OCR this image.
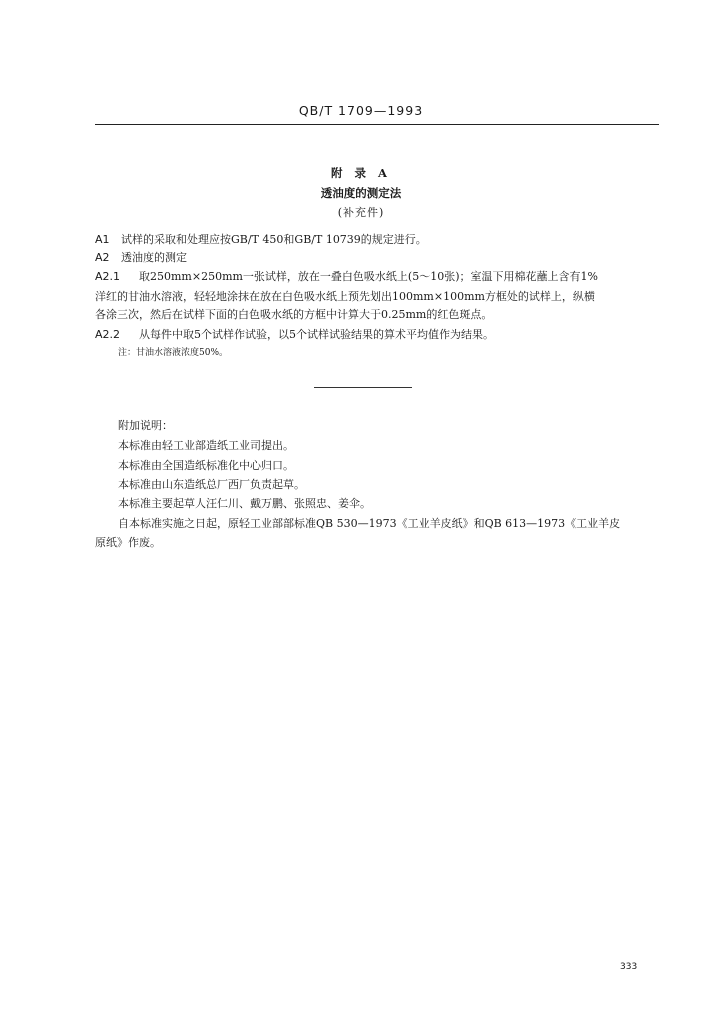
QB/T 1709—1993
附 录 A
透油度的测定法
(补充件)
A1 试样的采取和处理应按GB/T 450和GB/T 10739的规定进行。
A2 透油度的测定
A2.1 取250mm×250mm一张试样，放在一叠白色吸水纸上(5～10张)；室温下用棉花蘸上含有1%
洋红的甘油水溶液，轻轻地涂抹在放在白色吸水纸上预先划出100mm×100mm方框处的试样上，纵横
各涂三次，然后在试样下面的白色吸水纸的方框中计算大于0.25mm的红色斑点。
A2.2 从每件中取5个试样作试验，以5个试样试验结果的算术平均值作为结果。
注：甘油水溶液浓度50%。
附加说明：
本标准由轻工业部造纸工业司提出。
本标准由全国造纸标准化中心归口。
本标准由山东造纸总厂西厂负责起草。
本标准主要起草人汪仁川、戴万鹏、张照忠、姜伞。
自本标准实施之日起，原轻工业部部标准QB 530—1973《工业羊皮纸》和QB 613—1973《工业羊皮
原纸》作废。
333
